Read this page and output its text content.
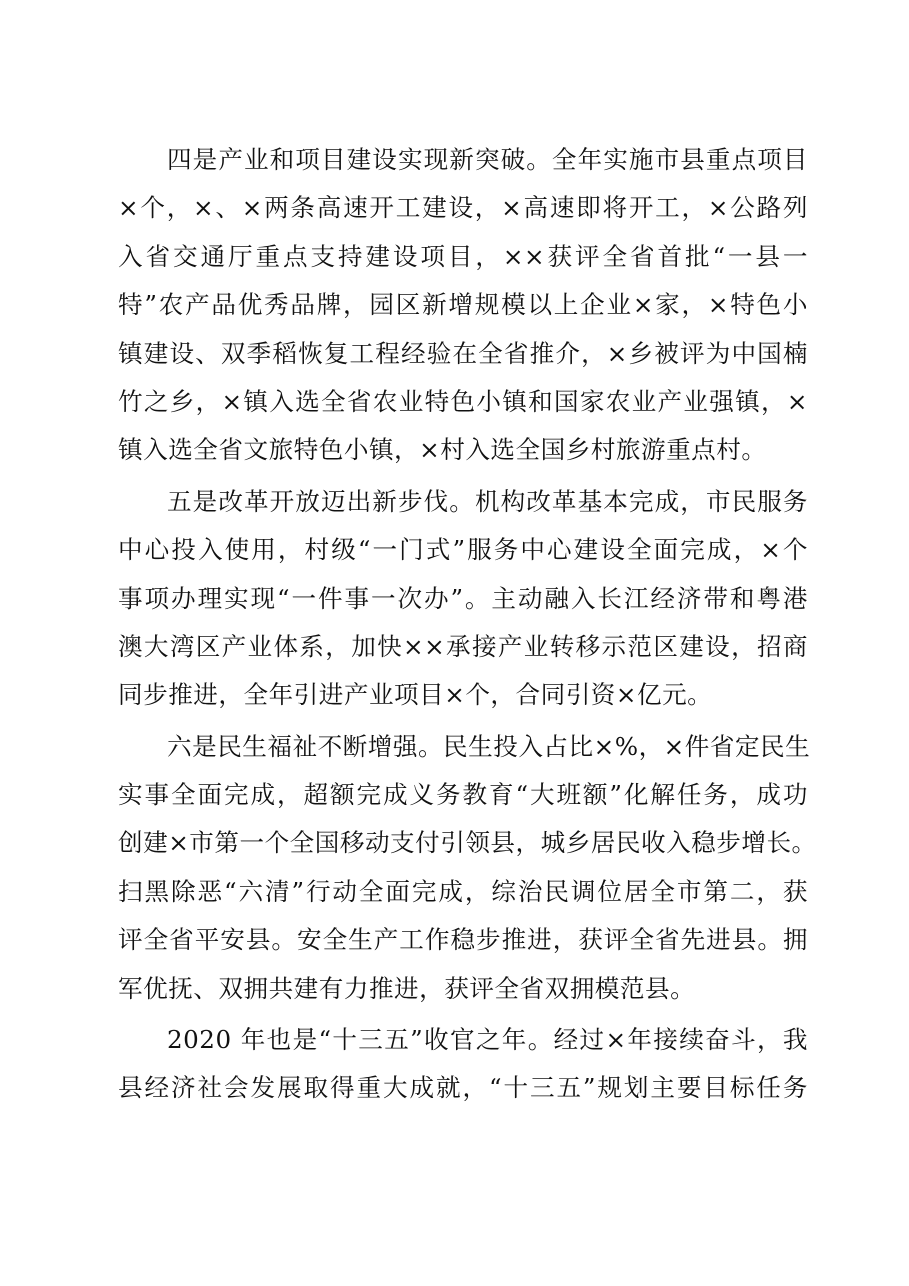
四是产业和项目建设实现新突破。全年实施市县重点项目
×个，×、×两条高速开工建设，×高速即将开工，×公路列
入省交通厅重点支持建设项目，××获评全省首批“一县一
特”农产品优秀品牌，园区新增规模以上企业×家，×特色小
镇建设、双季稻恢复工程经验在全省推介，×乡被评为中国楠
竹之乡，×镇入选全省农业特色小镇和国家农业产业强镇，×
镇入选全省文旅特色小镇，×村入选全国乡村旅游重点村。
五是改革开放迈出新步伐。机构改革基本完成，市民服务
中心投入使用，村级“一门式”服务中心建设全面完成，×个
事项办理实现“一件事一次办”。主动融入长江经济带和粤港
澳大湾区产业体系，加快××承接产业转移示范区建设，招商
同步推进，全年引进产业项目×个，合同引资×亿元。
六是民生福祉不断增强。民生投入占比×%，×件省定民生
实事全面完成，超额完成义务教育“大班额”化解任务，成功
创建×市第一个全国移动支付引领县，城乡居民收入稳步增长。
扫黑除恶“六清”行动全面完成，综治民调位居全市第二，获
评全省平安县。安全生产工作稳步推进，获评全省先进县。拥
军优抚、双拥共建有力推进，获评全省双拥模范县。
2020 年也是“十三五”收官之年。经过×年接续奋斗，我
县经济社会发展取得重大成就，“十三五”规划主要目标任务
